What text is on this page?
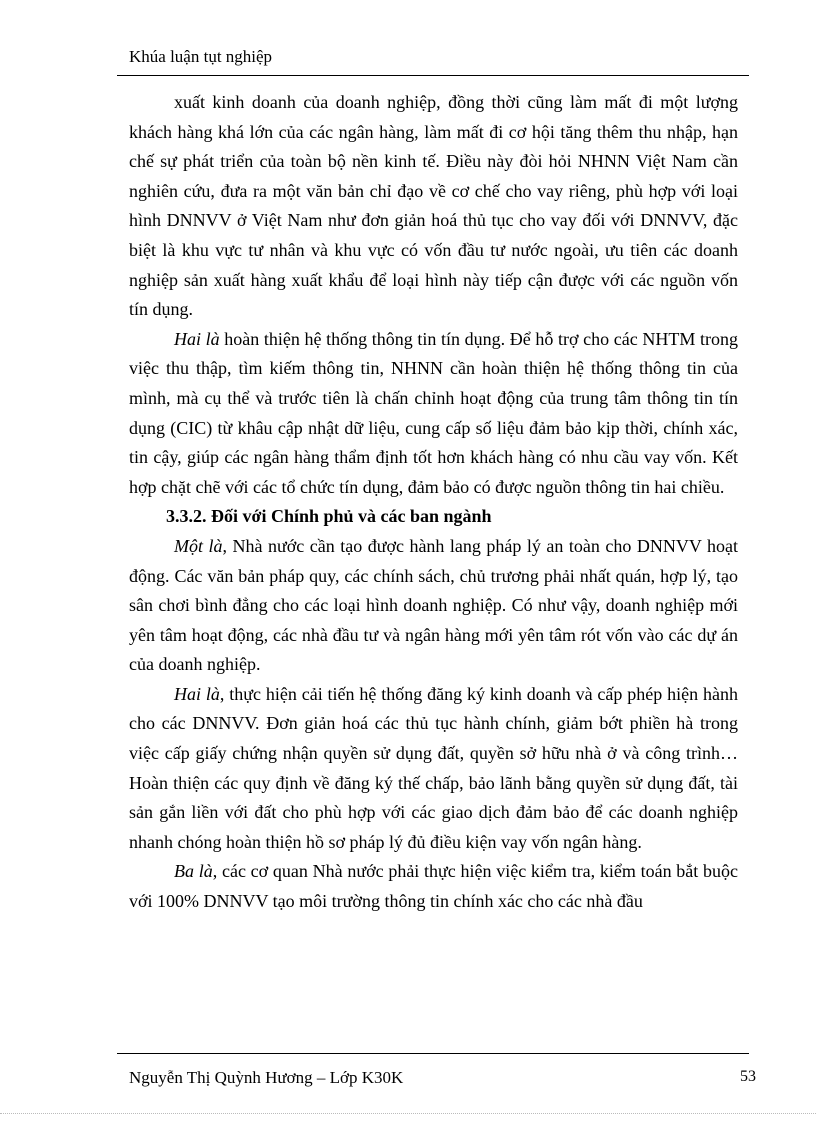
Khúa luận tụt nghiệp

xuất kinh doanh của doanh nghiệp, đồng thời cũng làm mất đi một lượng khách hàng khá lớn của các ngân hàng, làm mất đi cơ hội tăng thêm thu nhập, hạn chế sự phát triển của toàn bộ nền kinh tế. Điều này đòi hỏi NHNN Việt Nam cần nghiên cứu, đưa ra một văn bản chỉ đạo về cơ chế cho vay riêng, phù hợp với loại hình DNNVV ở Việt Nam như đơn giản hoá thủ tục cho vay đối với DNNVV, đặc biệt là khu vực tư nhân và khu vực có vốn đầu tư nước ngoài, ưu tiên các doanh nghiệp sản xuất hàng xuất khẩu để loại hình này tiếp cận được với các nguồn vốn tín dụng.

Hai là hoàn thiện hệ thống thông tin tín dụng. Để hỗ trợ cho các NHTM trong việc thu thập, tìm kiếm thông tin, NHNN cần hoàn thiện hệ thống thông tin của mình, mà cụ thể và trước tiên là chấn chỉnh hoạt động của trung tâm thông tin tín dụng (CIC) từ khâu cập nhật dữ liệu, cung cấp số liệu đảm bảo kịp thời, chính xác, tin cậy, giúp các ngân hàng thẩm định tốt hơn khách hàng có nhu cầu vay vốn. Kết hợp chặt chẽ với các tổ chức tín dụng, đảm bảo có được nguồn thông tin hai chiều.

3.3.2. Đối với Chính phủ và các ban ngành

Một là, Nhà nước cần tạo được hành lang pháp lý an toàn cho DNNVV hoạt động. Các văn bản pháp quy, các chính sách, chủ trương phải nhất quán, hợp lý, tạo sân chơi bình đẳng cho các loại hình doanh nghiệp. Có như vậy, doanh nghiệp mới yên tâm hoạt động, các nhà đầu tư và ngân hàng mới yên tâm rót vốn vào các dự án của doanh nghiệp.

Hai là, thực hiện cải tiến hệ thống đăng ký kinh doanh và cấp phép hiện hành cho các DNNVV. Đơn giản hoá các thủ tục hành chính, giảm bớt phiền hà trong việc cấp giấy chứng nhận quyền sử dụng đất, quyền sở hữu nhà ở và công trình… Hoàn thiện các quy định về đăng ký thế chấp, bảo lãnh bằng quyền sử dụng đất, tài sản gắn liền với đất cho phù hợp với các giao dịch đảm bảo để các doanh nghiệp nhanh chóng hoàn thiện hồ sơ pháp lý đủ điều kiện vay vốn ngân hàng.

Ba là, các cơ quan Nhà nước phải thực hiện việc kiểm tra, kiểm toán bắt buộc với 100% DNNVV tạo môi trường thông tin chính xác cho các nhà đầu

Nguyễn Thị Quỳnh Hương – Lớp K30K	53
